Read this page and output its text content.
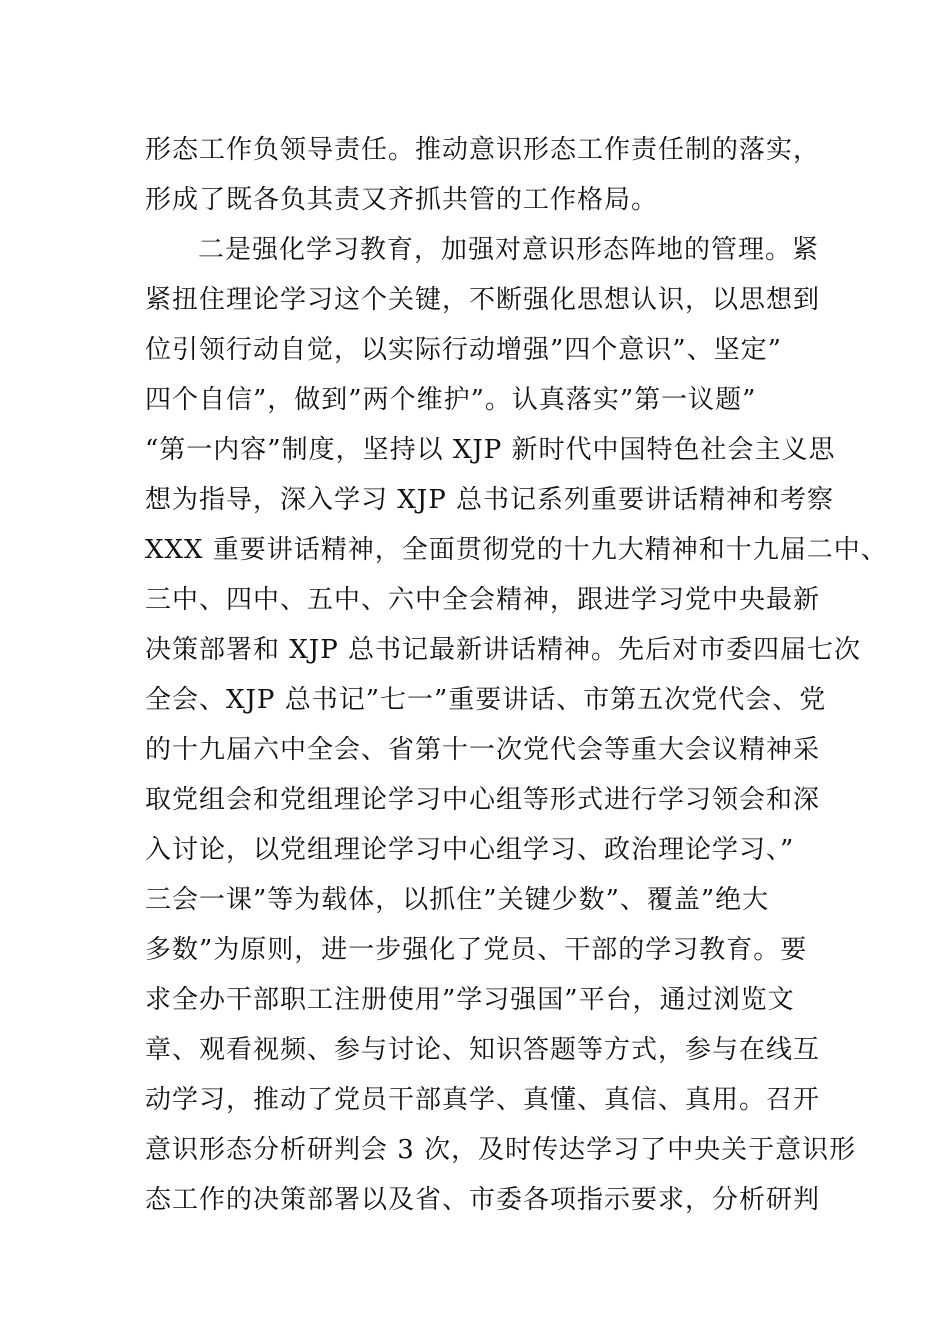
形态工作负领导责任。推动意识形态工作责任制的落实，
形成了既各负其责又齐抓共管的工作格局。
二是强化学习教育，加强对意识形态阵地的管理。紧
紧扭住理论学习这个关键，不断强化思想认识，以思想到
位引领行动自觉，以实际行动增强”四个意识”、坚定”
四个自信”，做到”两个维护”。认真落实”第一议题”
“第一内容”制度，坚持以 XJP 新时代中国特色社会主义思
想为指导，深入学习 XJP 总书记系列重要讲话精神和考察
XXX 重要讲话精神，全面贯彻党的十九大精神和十九届二中、
三中、四中、五中、六中全会精神，跟进学习党中央最新
决策部署和 XJP 总书记最新讲话精神。先后对市委四届七次
全会、XJP 总书记”七一”重要讲话、市第五次党代会、党
的十九届六中全会、省第十一次党代会等重大会议精神采
取党组会和党组理论学习中心组等形式进行学习领会和深
入讨论，以党组理论学习中心组学习、政治理论学习、”
三会一课”等为载体，以抓住”关键少数”、覆盖”绝大
多数”为原则，进一步强化了党员、干部的学习教育。要
求全办干部职工注册使用”学习强国”平台，通过浏览文
章、观看视频、参与讨论、知识答题等方式，参与在线互
动学习，推动了党员干部真学、真懂、真信、真用。召开
意识形态分析研判会 3 次，及时传达学习了中央关于意识形
态工作的决策部署以及省、市委各项指示要求，分析研判
